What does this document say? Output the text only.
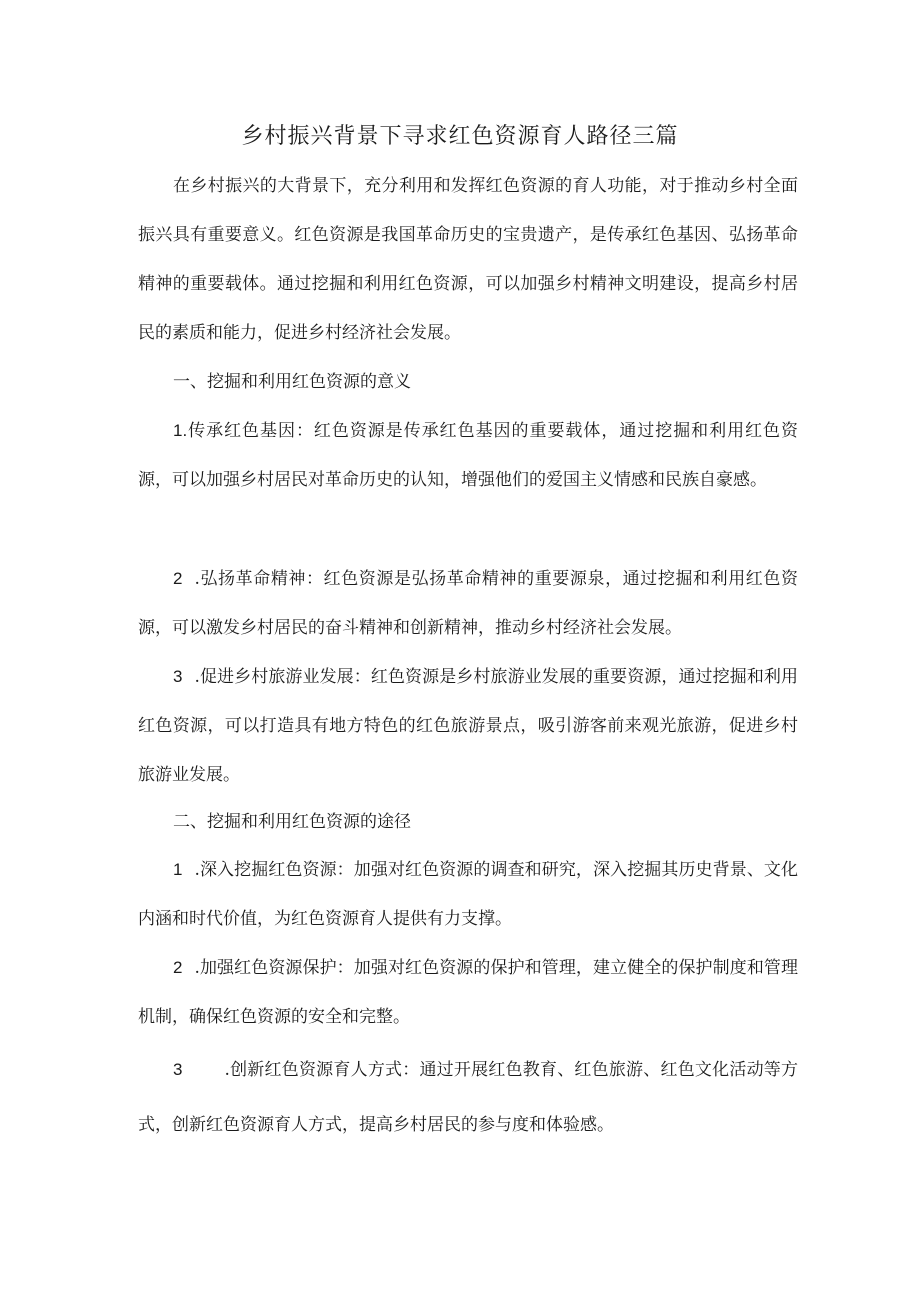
乡村振兴背景下寻求红色资源育人路径三篇

在乡村振兴的大背景下，充分利用和发挥红色资源的育人功能，对于推动乡村全面振兴具有重要意义。红色资源是我国革命历史的宝贵遗产，是传承红色基因、弘扬革命精神的重要载体。通过挖掘和利用红色资源，可以加强乡村精神文明建设，提高乡村居民的素质和能力，促进乡村经济社会发展。

一、挖掘和利用红色资源的意义

1.传承红色基因：红色资源是传承红色基因的重要载体，通过挖掘和利用红色资源，可以加强乡村居民对革命历史的认知，增强他们的爱国主义情感和民族自豪感。

2 .弘扬革命精神：红色资源是弘扬革命精神的重要源泉，通过挖掘和利用红色资源，可以激发乡村居民的奋斗精神和创新精神，推动乡村经济社会发展。

3 .促进乡村旅游业发展：红色资源是乡村旅游业发展的重要资源，通过挖掘和利用红色资源，可以打造具有地方特色的红色旅游景点，吸引游客前来观光旅游，促进乡村旅游业发展。

二、挖掘和利用红色资源的途径

1 .深入挖掘红色资源：加强对红色资源的调查和研究，深入挖掘其历史背景、文化内涵和时代价值，为红色资源育人提供有力支撑。

2 .加强红色资源保护：加强对红色资源的保护和管理，建立健全的保护制度和管理机制，确保红色资源的安全和完整。

3 .创新红色资源育人方式：通过开展红色教育、红色旅游、红色文化活动等方式，创新红色资源育人方式，提高乡村居民的参与度和体验感。
